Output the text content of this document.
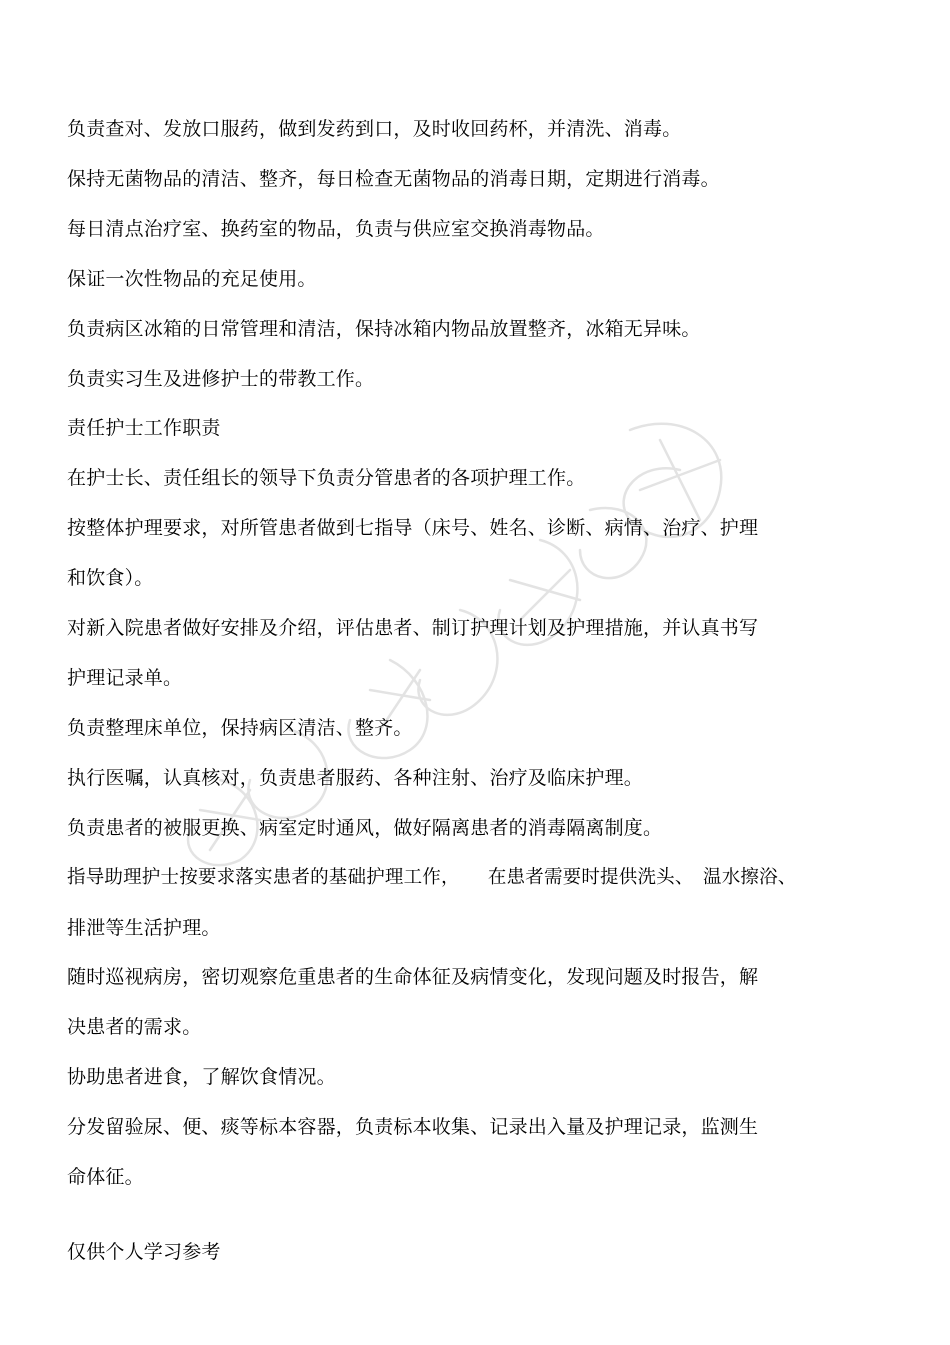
负责查对、发放口服药，做到发药到口，及时收回药杯，并清洗、消毒。

保持无菌物品的清洁、整齐，每日检查无菌物品的消毒日期，定期进行消毒。

每日清点治疗室、换药室的物品，负责与供应室交换消毒物品。

保证一次性物品的充足使用。

负责病区冰箱的日常管理和清洁，保持冰箱内物品放置整齐，冰箱无异味。

负责实习生及进修护士的带教工作。

责任护士工作职责

在护士长、责任组长的领导下负责分管患者的各项护理工作。

按整体护理要求，对所管患者做到七指导（床号、姓名、诊断、病情、治疗、护理

和饮食）。

对新入院患者做好安排及介绍，评估患者、制订护理计划及护理措施，并认真书写

护理记录单。

负责整理床单位，保持病区清洁、整齐。

执行医嘱，认真核对，负责患者服药、各种注射、治疗及临床护理。

负责患者的被服更换、病室定时通风，做好隔离患者的消毒隔离制度。

指导助理护士按要求落实患者的基础护理工作，　　在患者需要时提供洗头、　温水擦浴、

排泄等生活护理。

随时巡视病房，密切观察危重患者的生命体征及病情变化，发现问题及时报告，解

决患者的需求。

协助患者进食，了解饮食情况。

分发留验尿、便、痰等标本容器，负责标本收集、记录出入量及护理记录，监测生

命体征。

仅供个人学习参考
